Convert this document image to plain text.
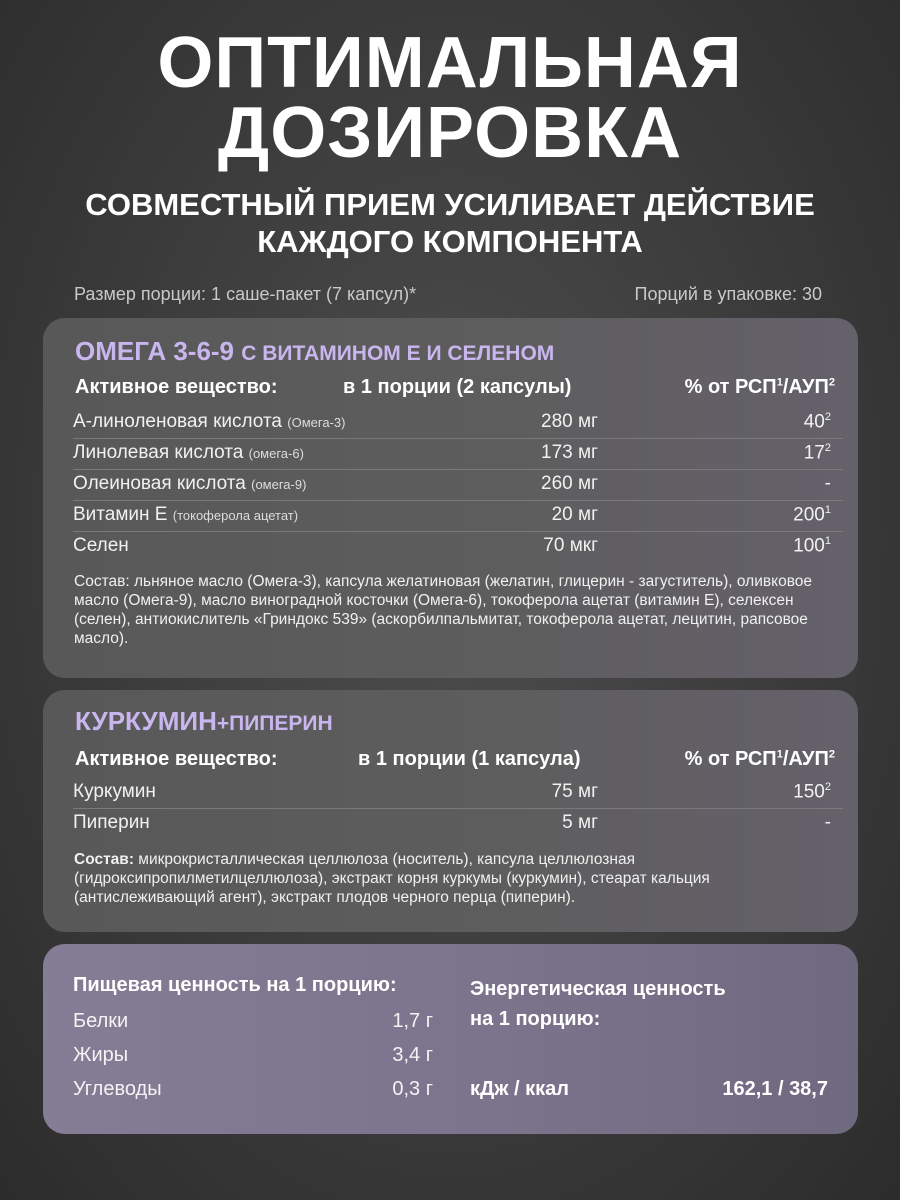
ОПТИМАЛЬНАЯ
ДОЗИРОВКА
СОВМЕСТНЫЙ ПРИЕМ УСИЛИВАЕТ ДЕЙСТВИЕ
КАЖДОГО КОМПОНЕНТА
Размер порции: 1 саше-пакет (7 капсул)*	Порций в упаковке: 30
ОМЕГА 3-6-9 С ВИТАМИНОМ Е И СЕЛЕНОМ
Активное вещество:	в 1 порции (2 капсулы)	% от РСП$^1$/АУП$^2$
А-линоленовая кислота (Омега-3)	280 мг	$40^2$
Линолевая кислота (омега-6)	173 мг	$17^2$
Олеиновая кислота (омега-9)	260 мг	-
Витамин Е (токоферола ацетат)	20 мг	$200^1$
Селен	70 мкг	$100^1$
Состав: льняное масло (Омега-3), капсула желатиновая (желатин, глицерин - загуститель), оливковое масло (Омега-9), масло виноградной косточки (Омега-6), токоферола ацетат (витамин Е), селексен (селен), антиокислитель «Гриндокс 539» (аскорбилпальмитат, токоферола ацетат, лецитин, рапсовое масло).
КУРКУМИН+ПИПЕРИН
Активное вещество:	в 1 порции (1 капсула)	% от РСП$^1$/АУП$^2$
Куркумин	75 мг	$150^2$
Пиперин	5 мг	-
Состав: микрокристаллическая целлюлоза (носитель), капсула целлюлозная (гидроксипропилметилцеллюлоза), экстракт корня куркумы (куркумин), стеарат кальция (антислеживающий агент), экстракт плодов черного перца (пиперин).
Пищевая ценность на 1 порцию:
Белки	1,7 г
Жиры	3,4 г
Углеводы	0,3 г
Энергетическая ценность
на 1 порцию:
кДж / ккал	162,1 / 38,7
